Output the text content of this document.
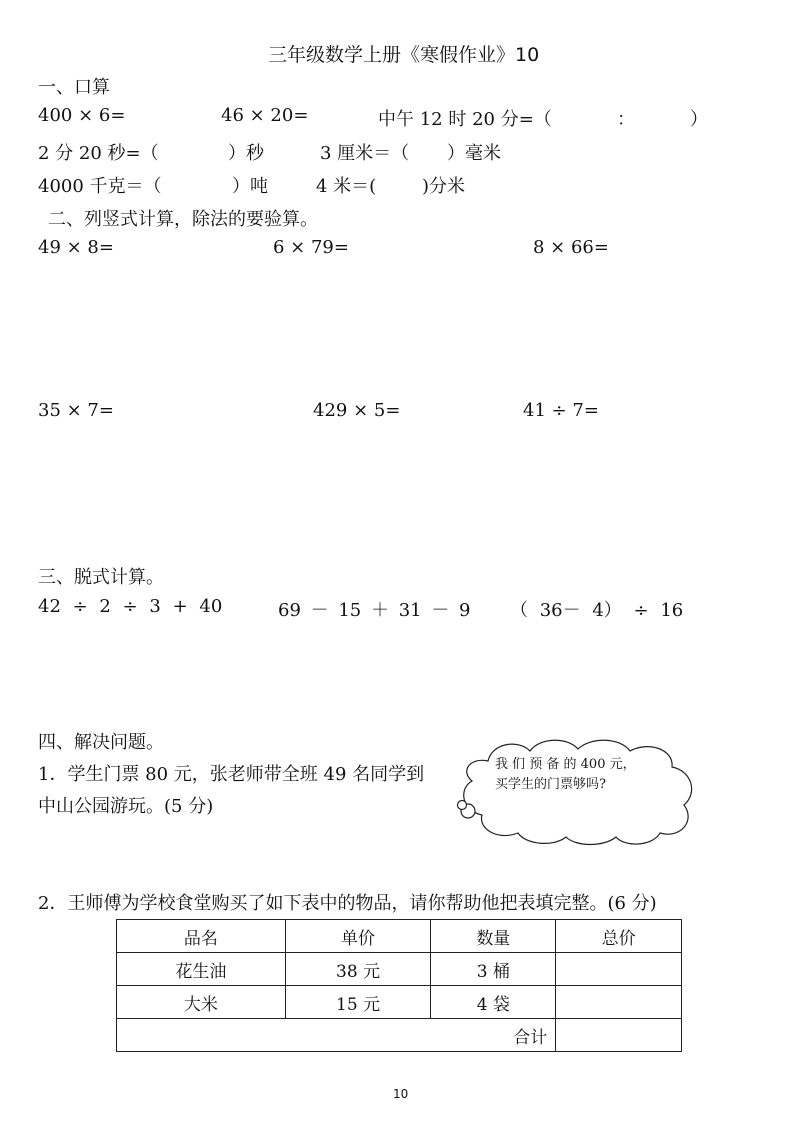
三年级数学上册《寒假作业》10
一、口算
400 × 6=	46 × 20=	中午 12 时 20 分=（	：	）
2 分 20 秒=（	）秒	3 厘米＝（ ）毫米
4000 千克＝（	）吨	4 米＝(	)分米
二、列竖式计算，除法的要验算。
49 × 8=	6 × 79=	8 × 66=
35 × 7=	429 × 5=	41 ÷ 7=
三、脱式计算。
42 ÷ 2 ÷ 3 + 40	69 － 15 ＋ 31 － 9 （ 36－ 4） ÷ 16
四、解决问题。
1．学生门票 80 元，张老师带全班 49 名同学到
中山公园游玩。(5 分)
我 们 预 备 的 400 元，买学生的门票够吗?
2．王师傅为学校食堂购买了如下表中的物品，请你帮助他把表填完整。(6 分)
品名	单价	数量	总价
花生油	38 元	3 桶	
大米	15 元	4 袋	
合计			
10
